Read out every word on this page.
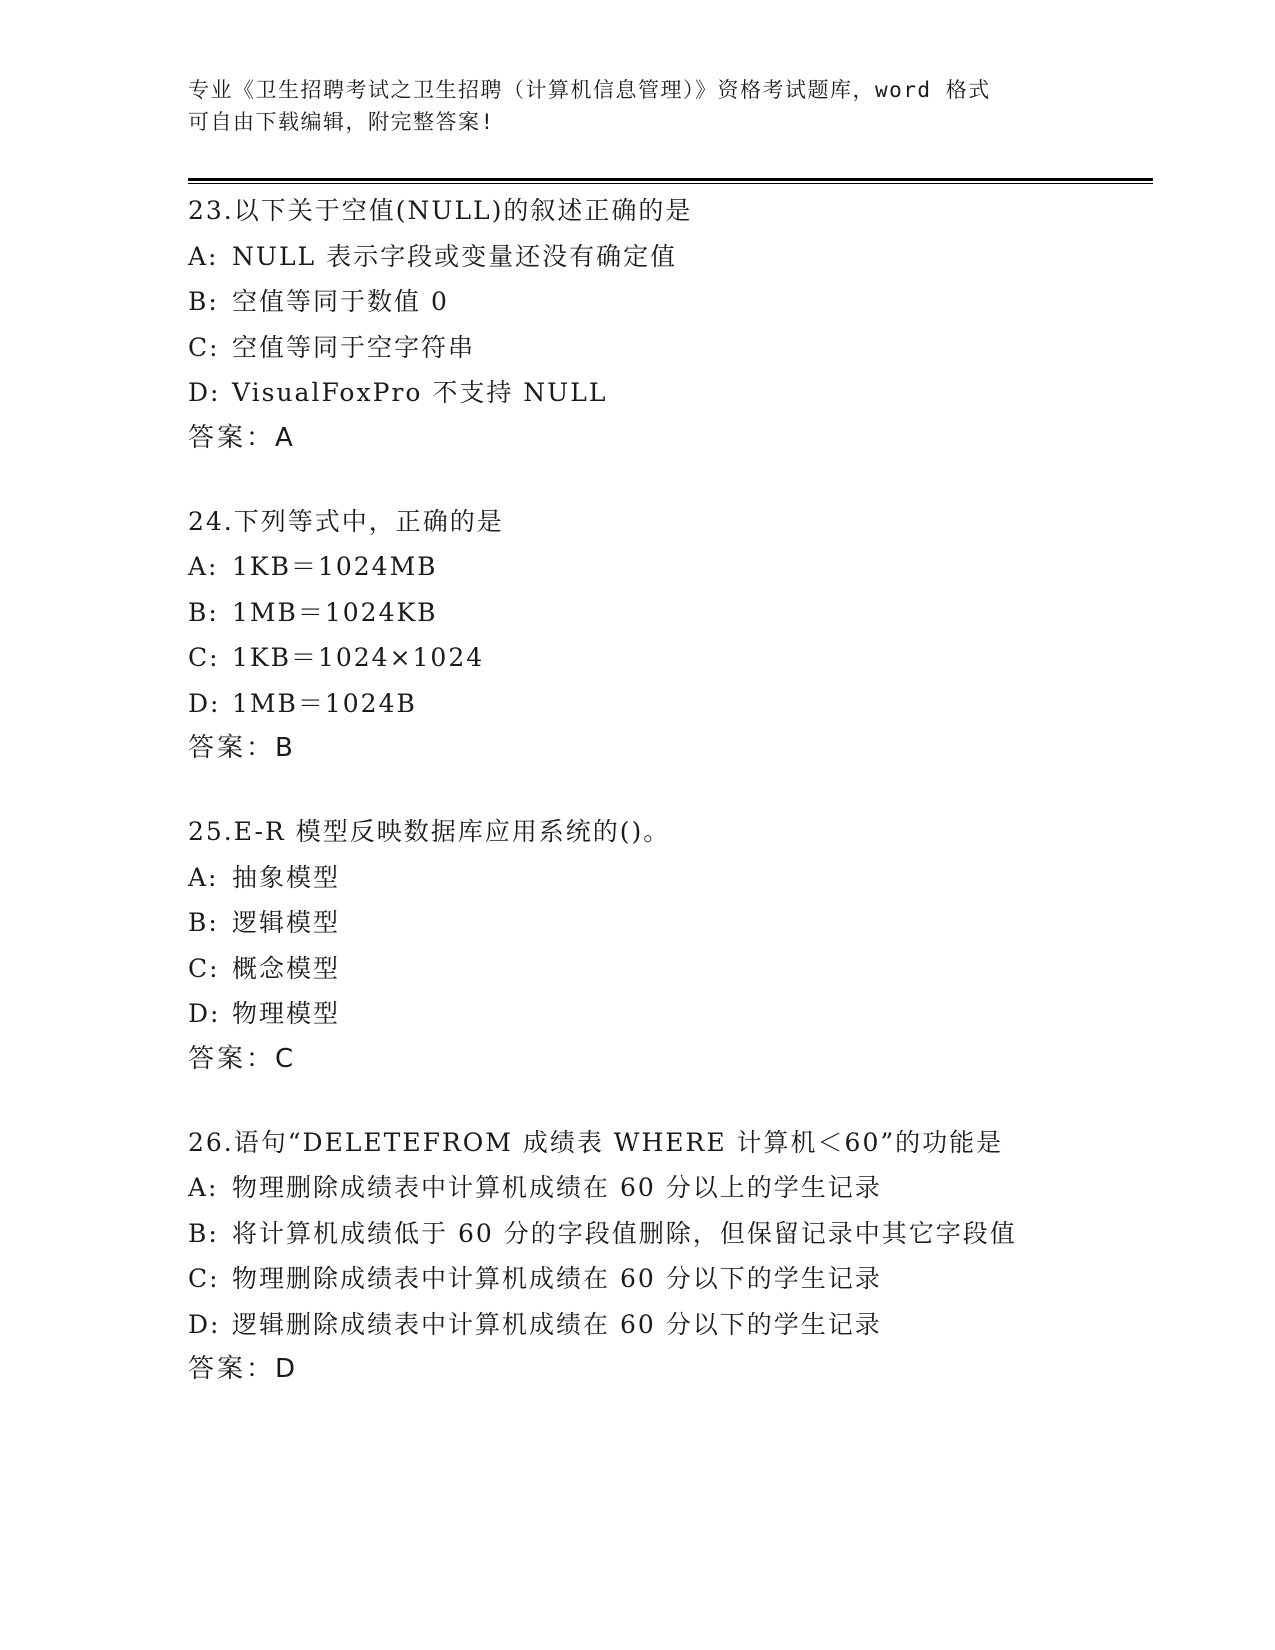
专业《卫生招聘考试之卫生招聘（计算机信息管理）》资格考试题库，word 格式
可自由下载编辑，附完整答案!
23.以下关于空值(NULL)的叙述正确的是
A: NULL 表示字段或变量还没有确定值
B: 空值等同于数值 0
C: 空值等同于空字符串
D: VisualFoxPro 不支持 NULL
答案：A
24.下列等式中，正确的是
A: 1KB＝1024MB
B: 1MB＝1024KB
C: 1KB＝1024×1024
D: 1MB＝1024B
答案：B
25.E-R 模型反映数据库应用系统的()。
A: 抽象模型
B: 逻辑模型
C: 概念模型
D: 物理模型
答案：C
26.语句“DELETEFROM 成绩表 WHERE 计算机＜60”的功能是
A: 物理删除成绩表中计算机成绩在 60 分以上的学生记录
B: 将计算机成绩低于 60 分的字段值删除，但保留记录中其它字段值
C: 物理删除成绩表中计算机成绩在 60 分以下的学生记录
D: 逻辑删除成绩表中计算机成绩在 60 分以下的学生记录
答案：D
